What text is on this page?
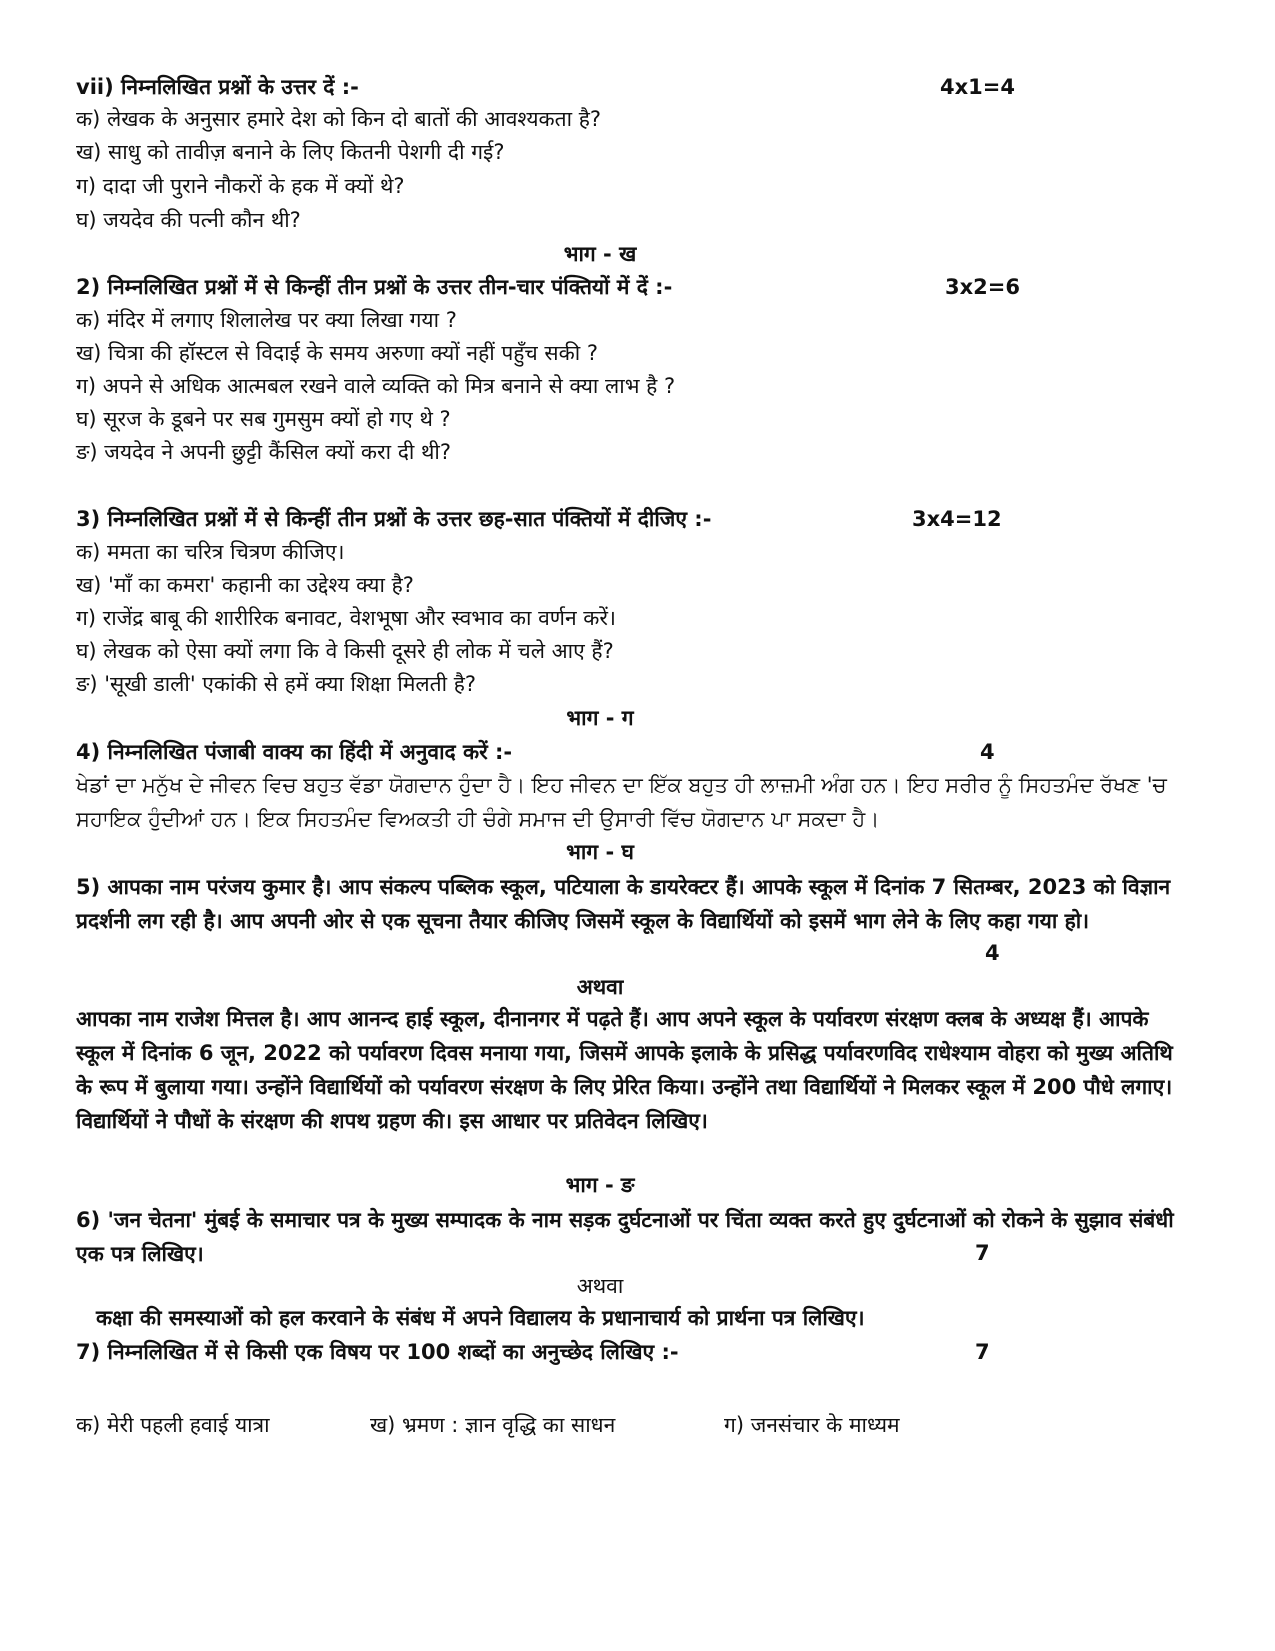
vii) निम्नलिखित प्रश्नों के उत्तर दें :-	4x1=4
क) लेखक के अनुसार हमारे देश को किन दो बातों की आवश्यकता है?
ख) साधु को तावीज़ बनाने के लिए कितनी पेशगी दी गई?
ग) दादा जी पुराने नौकरों के हक में क्यों थे?
घ) जयदेव की पत्नी कौन थी?
भाग - ख
2) निम्नलिखित प्रश्नों में से किन्हीं तीन प्रश्नों के उत्तर तीन-चार पंक्तियों में दें :-	3x2=6
क) मंदिर में लगाए शिलालेख पर क्या लिखा गया ?
ख) चित्रा की हॉस्टल से विदाई के समय अरुणा क्यों नहीं पहुँच सकी ?
ग) अपने से अधिक आत्मबल रखने वाले व्यक्ति को मित्र बनाने से क्या लाभ है ?
घ) सूरज के डूबने पर सब गुमसुम क्यों हो गए थे ?
ङ) जयदेव ने अपनी छुट्टी कैंसिल क्यों करा दी थी?
3) निम्नलिखित प्रश्नों में से किन्हीं तीन प्रश्नों के उत्तर छह-सात पंक्तियों में दीजिए :-	3x4=12
क) ममता का चरित्र चित्रण कीजिए।
ख) 'माँ का कमरा' कहानी का उद्देश्य क्या है?
ग) राजेंद्र बाबू की शारीरिक बनावट, वेशभूषा और स्वभाव का वर्णन करें।
घ) लेखक को ऐसा क्यों लगा कि वे किसी दूसरे ही लोक में चले आए हैं?
ङ) 'सूखी डाली' एकांकी से हमें क्या शिक्षा मिलती है?
भाग - ग
4) निम्नलिखित पंजाबी वाक्य का हिंदी में अनुवाद करें :-	4
ਖੇਡਾਂ ਦਾ ਮਨੁੱਖ ਦੇ ਜੀਵਨ ਵਿਚ ਬਹੁਤ ਵੱਡਾ ਯੋਗਦਾਨ ਹੁੰਦਾ ਹੈ। ਇਹ ਜੀਵਨ ਦਾ ਇੱਕ ਬਹੁਤ ਹੀ ਲਾਜ਼ਮੀ ਅੰਗ ਹਨ। ਇਹ ਸਰੀਰ ਨੂੰ ਸਿਹਤਮੰਦ ਰੱਖਣ 'ਚ ਸਹਾਇਕ ਹੁੰਦੀਆਂ ਹਨ। ਇਕ ਸਿਹਤਮੰਦ ਵਿਅਕਤੀ ਹੀ ਚੰਗੇ ਸਮਾਜ ਦੀ ਉਸਾਰੀ ਵਿੱਚ ਯੋਗਦਾਨ ਪਾ ਸਕਦਾ ਹੈ।
भाग - घ
5) आपका नाम परंजय कुमार है। आप संकल्प पब्लिक स्कूल, पटियाला के डायरेक्टर हैं। आपके स्कूल में दिनांक 7 सितम्बर, 2023 को विज्ञान प्रदर्शनी लग रही है। आप अपनी ओर से एक सूचना तैयार कीजिए जिसमें स्कूल के विद्यार्थियों को इसमें भाग लेने के लिए कहा गया हो।
4
अथवा
आपका नाम राजेश मित्तल है। आप आनन्द हाई स्कूल, दीनानगर में पढ़ते हैं। आप अपने स्कूल के पर्यावरण संरक्षण क्लब के अध्यक्ष हैं। आपके स्कूल में दिनांक 6 जून, 2022 को पर्यावरण दिवस मनाया गया, जिसमें आपके इलाके के प्रसिद्ध पर्यावरणविद राधेश्याम वोहरा को मुख्य अतिथि के रूप में बुलाया गया। उन्होंने विद्यार्थियों को पर्यावरण संरक्षण के लिए प्रेरित किया। उन्होंने तथा विद्यार्थियों ने मिलकर स्कूल में 200 पौधे लगाए। विद्यार्थियों ने पौधों के संरक्षण की शपथ ग्रहण की। इस आधार पर प्रतिवेदन लिखिए।
भाग - ङ
6) 'जन चेतना' मुंबई के समाचार पत्र के मुख्य सम्पादक के नाम सड़क दुर्घटनाओं पर चिंता व्यक्त करते हुए दुर्घटनाओं को रोकने के सुझाव संबंधी एक पत्र लिखिए।	7
अथवा
कक्षा की समस्याओं को हल करवाने के संबंध में अपने विद्यालय के प्रधानाचार्य को प्रार्थना पत्र लिखिए।
7) निम्नलिखित में से किसी एक विषय पर 100 शब्दों का अनुच्छेद लिखिए :-	7
क) मेरी पहली हवाई यात्रा	ख) भ्रमण : ज्ञान वृद्धि का साधन	ग) जनसंचार के माध्यम
